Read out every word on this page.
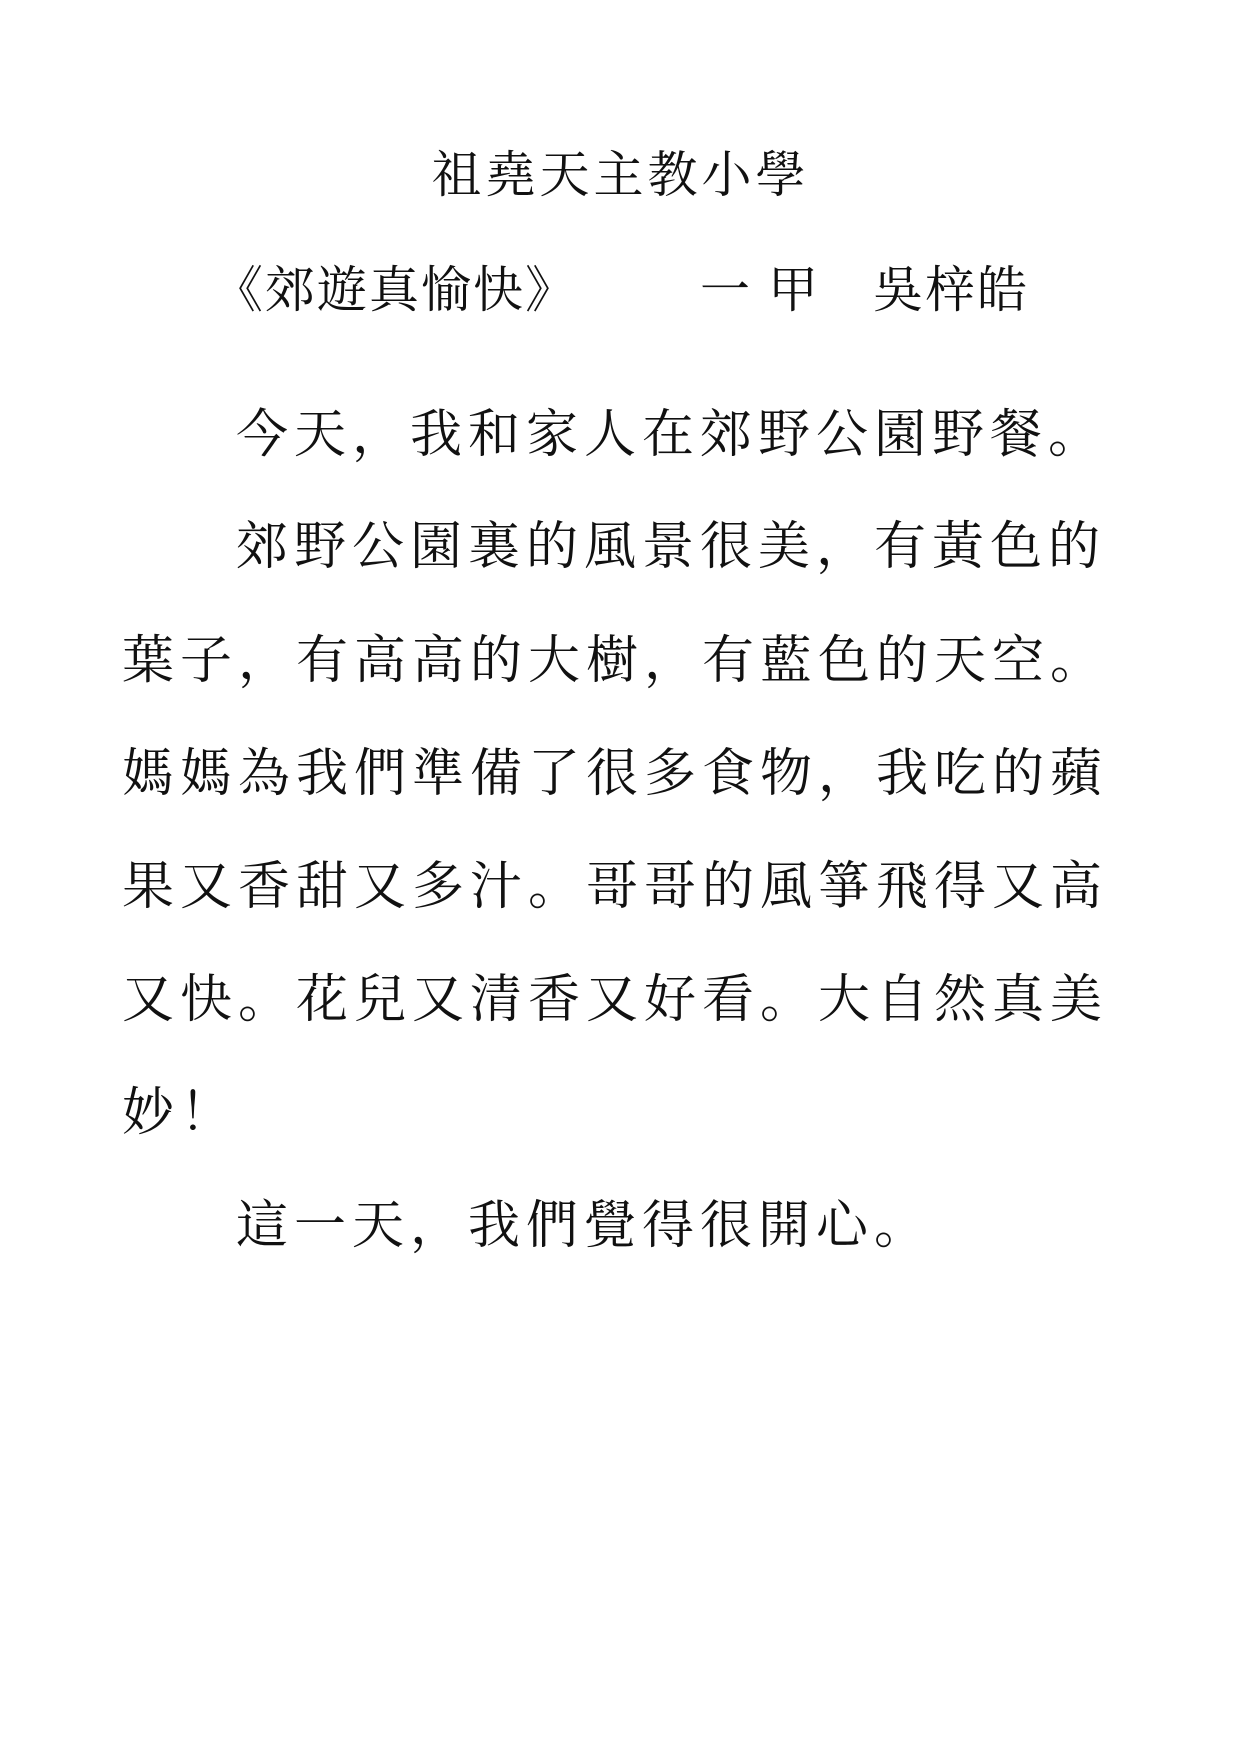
祖堯天主教小學
《郊遊真愉快》 一甲 吳梓皓
今天，我和家人在郊野公園野餐。
郊野公園裏的風景很美，有黃色的
葉子，有高高的大樹，有藍色的天空。
媽媽為我們準備了很多食物，我吃的蘋
果又香甜又多汁。哥哥的風箏飛得又高
又快。花兒又清香又好看。大自然真美
妙！
這一天，我們覺得很開心。
